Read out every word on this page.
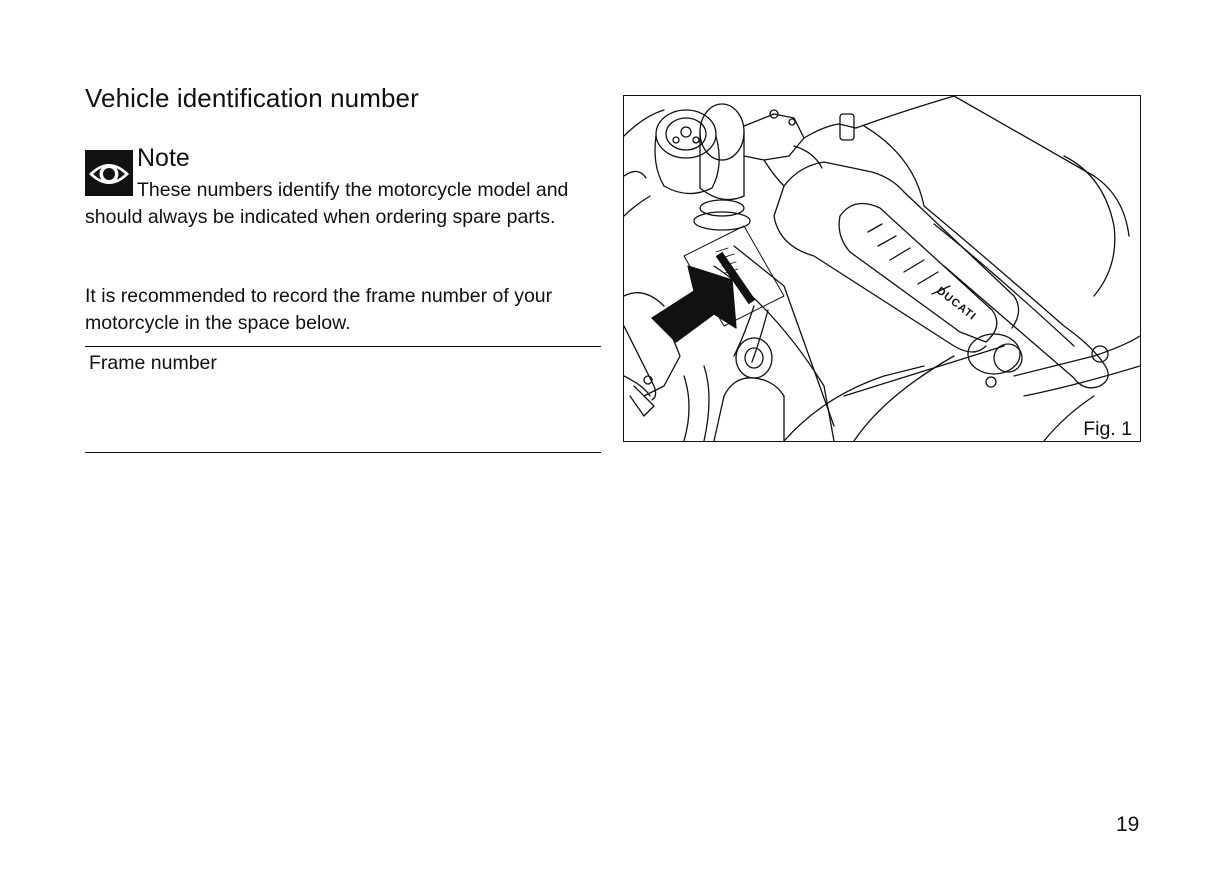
Vehicle identification number
Note

These numbers identify the motorcycle model and should always be indicated when ordering spare parts.

It is recommended to record the frame number of your motorcycle in the space below.

Frame number
DUCATI
Fig. 1
19
